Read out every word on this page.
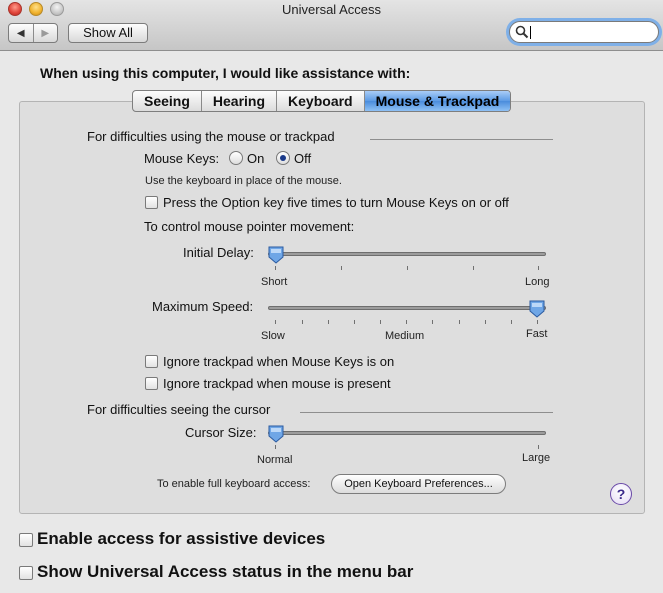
Universal Access
◀ ▶	Show All
When using this computer, I would like assistance with:
Seeing	Hearing	Keyboard	Mouse & Trackpad
For difficulties using the mouse or trackpad
Mouse Keys: On Off
Use the keyboard in place of the mouse.
Press the Option key five times to turn Mouse Keys on or off
To control mouse pointer movement:
Initial Delay:
Short	Long
Maximum Speed:
Slow	Medium	Fast
Ignore trackpad when Mouse Keys is on
Ignore trackpad when mouse is present
For difficulties seeing the cursor
Cursor Size:
Normal	Large
To enable full keyboard access:	Open Keyboard Preferences...
?
Enable access for assistive devices
Show Universal Access status in the menu bar
